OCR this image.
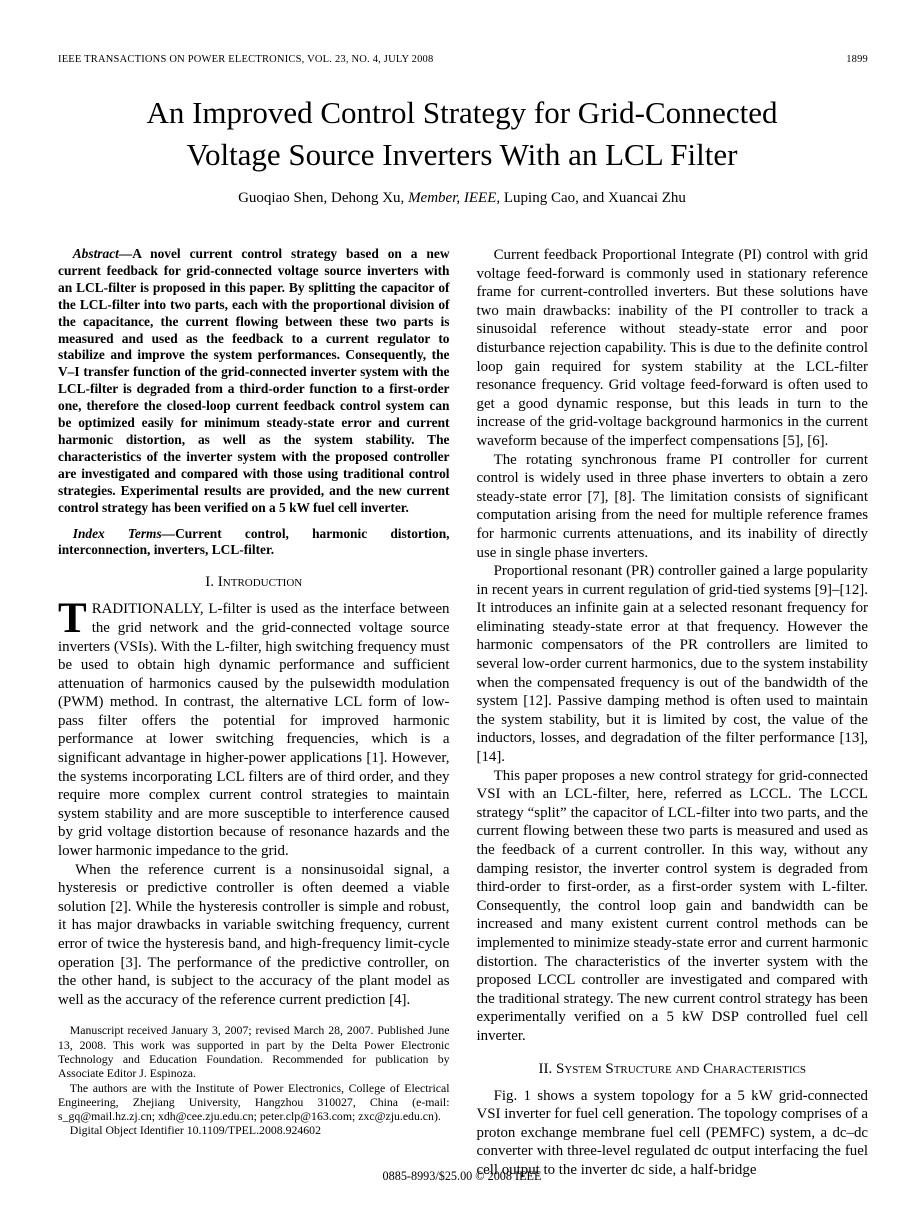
IEEE TRANSACTIONS ON POWER ELECTRONICS, VOL. 23, NO. 4, JULY 2008	1899
An Improved Control Strategy for Grid-Connected
Voltage Source Inverters With an LCL Filter
Guoqiao Shen, Dehong Xu, Member, IEEE, Luping Cao, and Xuancai Zhu

Abstract—A novel current control strategy based on a new current feedback for grid-connected voltage source inverters with an LCL-filter is proposed in this paper. By splitting the capacitor of the LCL-filter into two parts, each with the proportional division of the capacitance, the current flowing between these two parts is measured and used as the feedback to a current regulator to stabilize and improve the system performances. Consequently, the V–I transfer function of the grid-connected inverter system with the LCL-filter is degraded from a third-order function to a first-order one, therefore the closed-loop current feedback control system can be optimized easily for minimum steady-state error and current harmonic distortion, as well as the system stability. The characteristics of the inverter system with the proposed controller are investigated and compared with those using traditional control strategies. Experimental results are provided, and the new current control strategy has been verified on a 5 kW fuel cell inverter.

Index Terms—Current control, harmonic distortion, interconnection, inverters, LCL-filter.

I. Introduction

TRADITIONALLY, L-filter is used as the interface between the grid network and the grid-connected voltage source inverters (VSIs). With the L-filter, high switching frequency must be used to obtain high dynamic performance and sufficient attenuation of harmonics caused by the pulsewidth modulation (PWM) method. In contrast, the alternative LCL form of low-pass filter offers the potential for improved harmonic performance at lower switching frequencies, which is a significant advantage in higher-power applications [1]. However, the systems incorporating LCL filters are of third order, and they require more complex current control strategies to maintain system stability and are more susceptible to interference caused by grid voltage distortion because of resonance hazards and the lower harmonic impedance to the grid.

When the reference current is a nonsinusoidal signal, a hysteresis or predictive controller is often deemed a viable solution [2]. While the hysteresis controller is simple and robust, it has major drawbacks in variable switching frequency, current error of twice the hysteresis band, and high-frequency limit-cycle operation [3]. The performance of the predictive controller, on the other hand, is subject to the accuracy of the plant model as well as the accuracy of the reference current prediction [4].

Manuscript received January 3, 2007; revised March 28, 2007. Published June 13, 2008. This work was supported in part by the Delta Power Electronic Technology and Education Foundation. Recommended for publication by Associate Editor J. Espinoza.

The authors are with the Institute of Power Electronics, College of Electrical Engineering, Zhejiang University, Hangzhou 310027, China (e-mail: s_gq@mail.hz.zj.cn; xdh@cee.zju.edu.cn; peter.clp@163.com; zxc@zju.edu.cn).

Digital Object Identifier 10.1109/TPEL.2008.924602

Current feedback Proportional Integrate (PI) control with grid voltage feed-forward is commonly used in stationary reference frame for current-controlled inverters. But these solutions have two main drawbacks: inability of the PI controller to track a sinusoidal reference without steady-state error and poor disturbance rejection capability. This is due to the definite control loop gain required for system stability at the LCL-filter resonance frequency. Grid voltage feed-forward is often used to get a good dynamic response, but this leads in turn to the increase of the grid-voltage background harmonics in the current waveform because of the imperfect compensations [5], [6].

The rotating synchronous frame PI controller for current control is widely used in three phase inverters to obtain a zero steady-state error [7], [8]. The limitation consists of significant computation arising from the need for multiple reference frames for harmonic currents attenuations, and its inability of directly use in single phase inverters.

Proportional resonant (PR) controller gained a large popularity in recent years in current regulation of grid-tied systems [9]–[12]. It introduces an infinite gain at a selected resonant frequency for eliminating steady-state error at that frequency. However the harmonic compensators of the PR controllers are limited to several low-order current harmonics, due to the system instability when the compensated frequency is out of the bandwidth of the system [12]. Passive damping method is often used to maintain the system stability, but it is limited by cost, the value of the inductors, losses, and degradation of the filter performance [13], [14].

This paper proposes a new control strategy for grid-connected VSI with an LCL-filter, here, referred as LCCL. The LCCL strategy “split” the capacitor of LCL-filter into two parts, and the current flowing between these two parts is measured and used as the feedback of a current controller. In this way, without any damping resistor, the inverter control system is degraded from third-order to first-order, as a first-order system with L-filter. Consequently, the control loop gain and bandwidth can be increased and many existent current control methods can be implemented to minimize steady-state error and current harmonic distortion. The characteristics of the inverter system with the proposed LCCL controller are investigated and compared with the traditional strategy. The new current control strategy has been experimentally verified on a 5 kW DSP controlled fuel cell inverter.

II. System Structure and Characteristics

Fig. 1 shows a system topology for a 5 kW grid-connected VSI inverter for fuel cell generation. The topology comprises of a proton exchange membrane fuel cell (PEMFC) system, a dc–dc converter with three-level regulated dc output interfacing the fuel cell output to the inverter dc side, a half-bridge

0885-8993/$25.00 © 2008 IEEE
